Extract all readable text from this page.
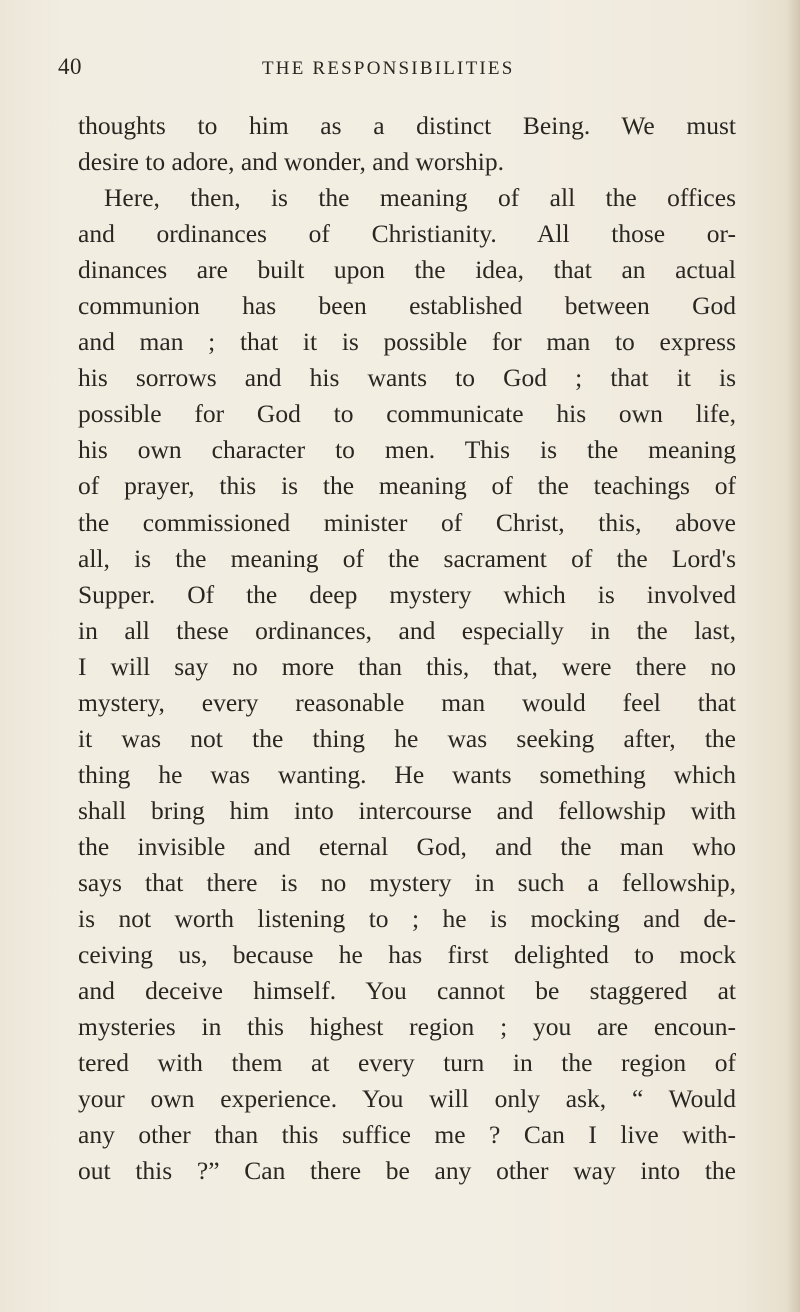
40	THE RESPONSIBILITIES
thoughts to him as a distinct Being. We must
desire to adore, and wonder, and worship.
Here, then, is the meaning of all the offices
and ordinances of Christianity. All those or-
dinances are built upon the idea, that an actual
communion has been established between God
and man ; that it is possible for man to express
his sorrows and his wants to God ; that it is
possible for God to communicate his own life,
his own character to men. This is the meaning
of prayer, this is the meaning of the teachings of
the commissioned minister of Christ, this, above
all, is the meaning of the sacrament of the Lord's
Supper. Of the deep mystery which is involved
in all these ordinances, and especially in the last,
I will say no more than this, that, were there no
mystery, every reasonable man would feel that
it was not the thing he was seeking after, the
thing he was wanting. He wants something which
shall bring him into intercourse and fellowship with
the invisible and eternal God, and the man who
says that there is no mystery in such a fellowship,
is not worth listening to ; he is mocking and de-
ceiving us, because he has first delighted to mock
and deceive himself. You cannot be staggered at
mysteries in this highest region ; you are encoun-
tered with them at every turn in the region of
your own experience. You will only ask, “ Would
any other than this suffice me ? Can I live with-
out this ?” Can there be any other way into the
